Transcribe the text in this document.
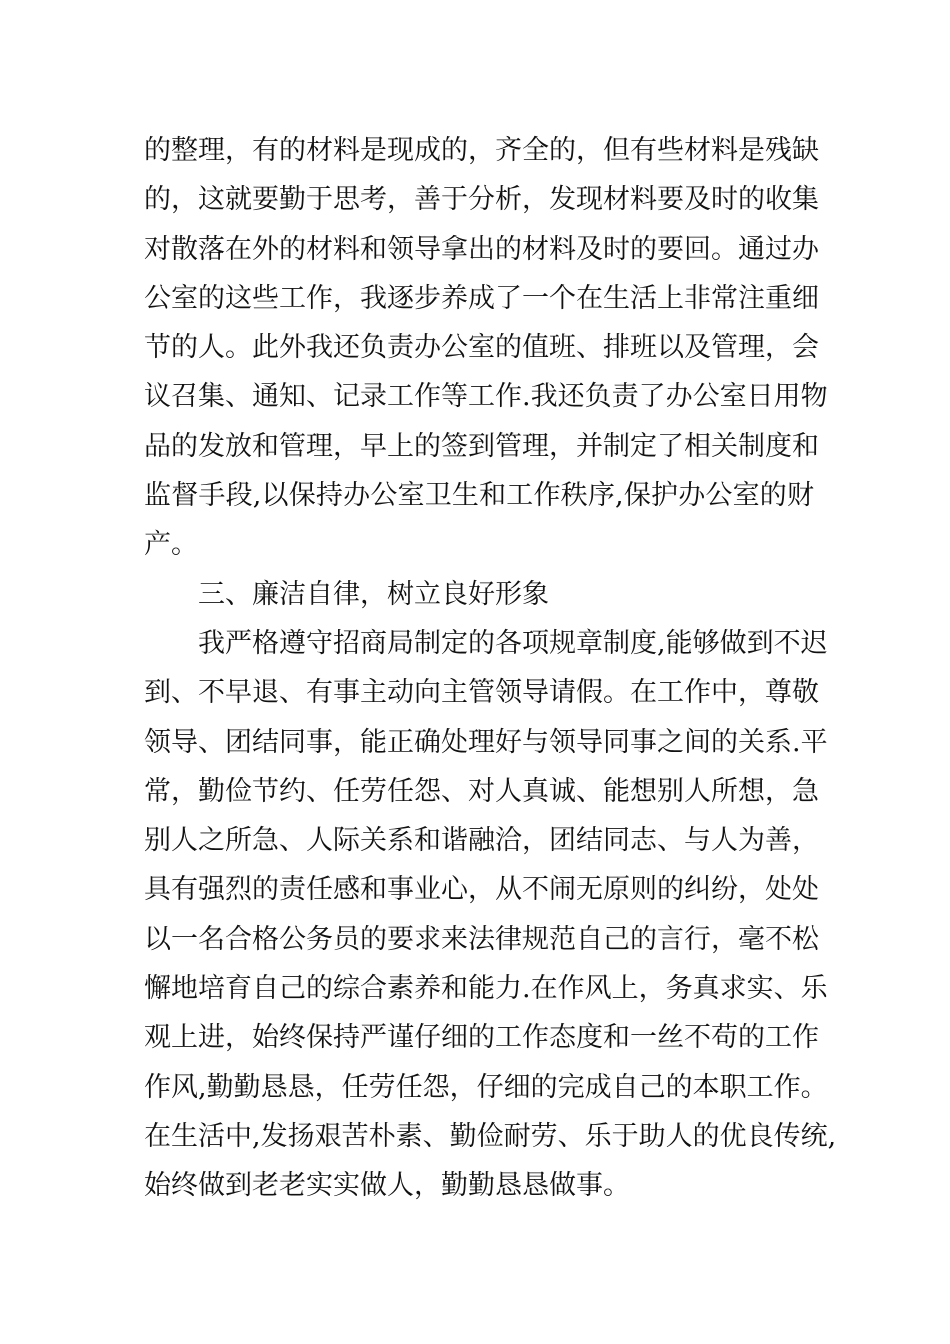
的整理，有的材料是现成的，齐全的，但有些材料是残缺
的，这就要勤于思考，善于分析，发现材料要及时的收集
对散落在外的材料和领导拿出的材料及时的要回。通过办
公室的这些工作，我逐步养成了一个在生活上非常注重细
节的人。此外我还负责办公室的值班、排班以及管理，会
议召集、通知、记录工作等工作.我还负责了办公室日用物
品的发放和管理，早上的签到管理，并制定了相关制度和
监督手段,以保持办公室卫生和工作秩序,保护办公室的财
产。
三、廉洁自律，树立良好形象
我严格遵守招商局制定的各项规章制度,能够做到不迟
到、不早退、有事主动向主管领导请假。在工作中，尊敬
领导、团结同事，能正确处理好与领导同事之间的关系.平
常，勤俭节约、任劳任怨、对人真诚、能想别人所想，急
别人之所急、人际关系和谐融洽，团结同志、与人为善，
具有强烈的责任感和事业心，从不闹无原则的纠纷，处处
以一名合格公务员的要求来法律规范自己的言行，毫不松
懈地培育自己的综合素养和能力.在作风上，务真求实、乐
观上进，始终保持严谨仔细的工作态度和一丝不苟的工作
作风,勤勤恳恳，任劳任怨，仔细的完成自己的本职工作。
在生活中,发扬艰苦朴素、勤俭耐劳、乐于助人的优良传统,
始终做到老老实实做人，勤勤恳恳做事。
